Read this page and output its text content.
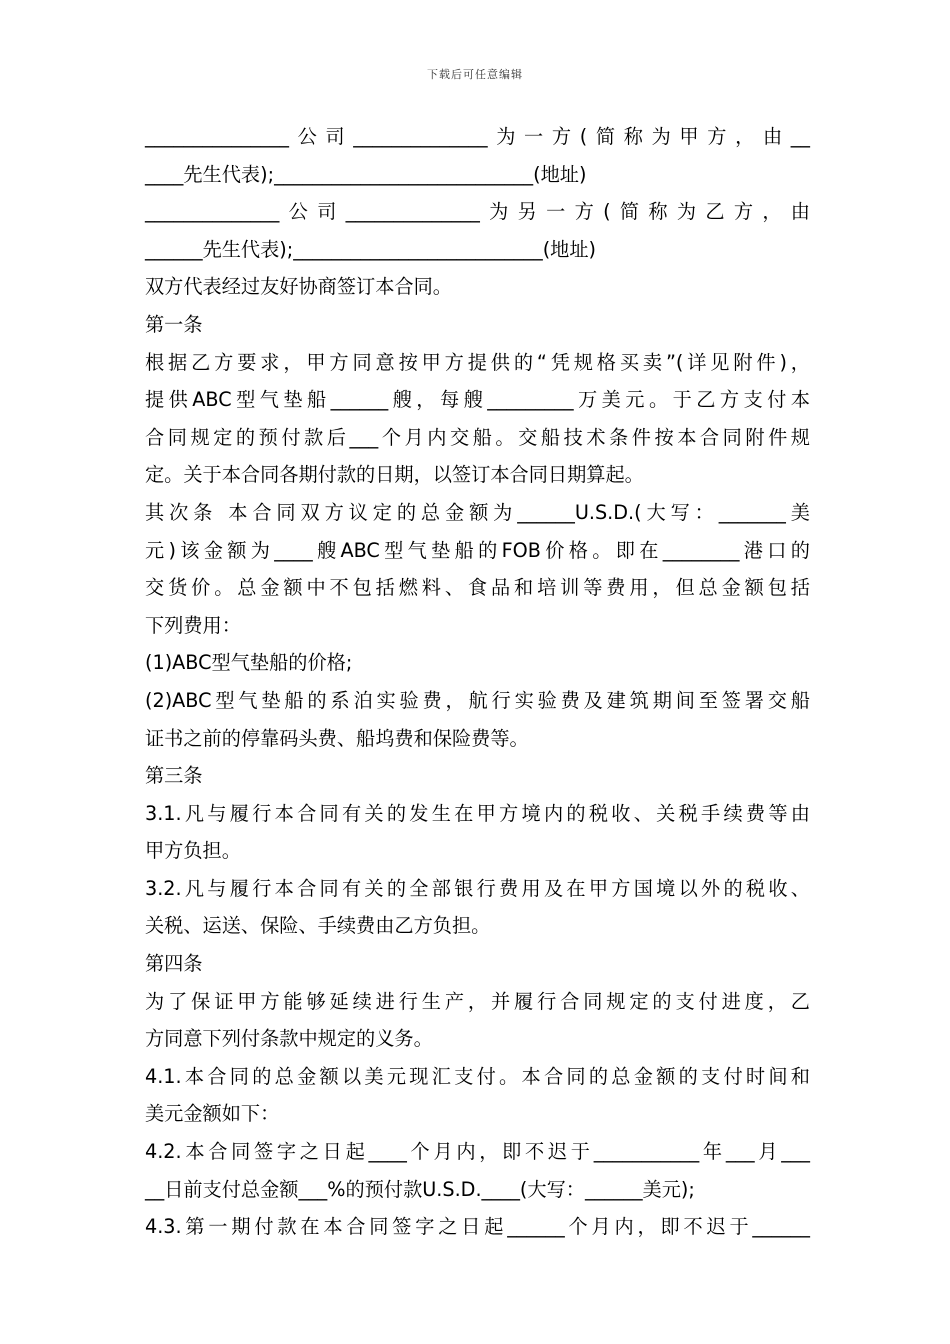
下载后可任意编辑
_______________公司______________为一方(简称为甲方，由__
____先生代表);___________________________(地址)
______________公司______________为另一方(简称为乙方，由
______先生代表);__________________________(地址)
双方代表经过友好协商签订本合同。
第一条
根据乙方要求，甲方同意按甲方提供的“凭规格买卖”(详见附件)，
提供ABC型气垫船______艘，每艘_________万美元。于乙方支付本
合同规定的预付款后___个月内交船。交船技术条件按本合同附件规
定。关于本合同各期付款的日期，以签订本合同日期算起。
其次条 本合同双方议定的总金额为______U.S.D.(大写：_______美
元)该金额为____艘ABC型气垫船的FOB价格。即在________港口的
交货价。总金额中不包括燃料、食品和培训等费用，但总金额包括
下列费用：
(1)ABC型气垫船的价格;
(2)ABC型气垫船的系泊实验费，航行实验费及建筑期间至签署交船
证书之前的停靠码头费、船坞费和保险费等。
第三条
3.1.凡与履行本合同有关的发生在甲方境内的税收、关税手续费等由
甲方负担。
3.2.凡与履行本合同有关的全部银行费用及在甲方国境以外的税收、
关税、运送、保险、手续费由乙方负担。
第四条
为了保证甲方能够延续进行生产，并履行合同规定的支付进度，乙
方同意下列付条款中规定的义务。
4.1.本合同的总金额以美元现汇支付。本合同的总金额的支付时间和
美元金额如下：
4.2.本合同签字之日起____个月内，即不迟于___________年___月___
__日前支付总金额___%的预付款U.S.D.____(大写：______美元);
4.3.第一期付款在本合同签字之日起______个月内，即不迟于______
